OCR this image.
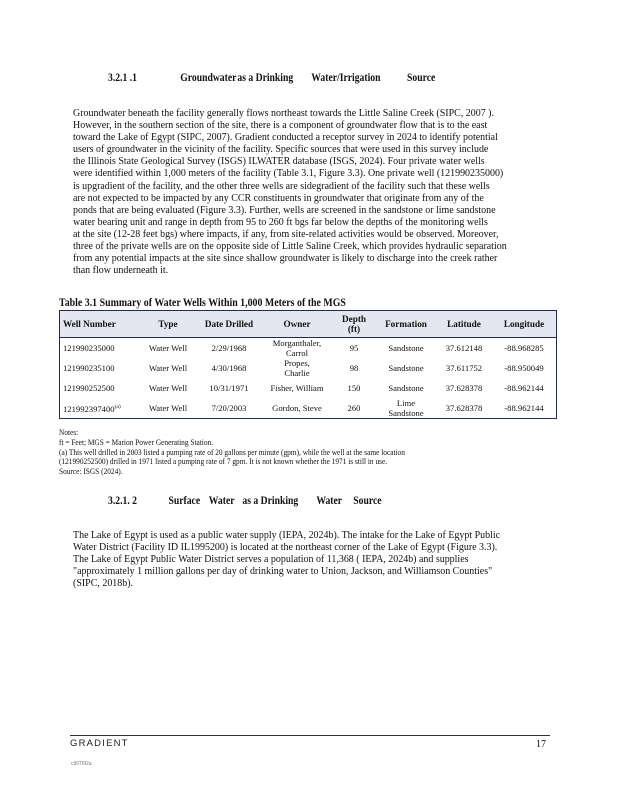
3.2.1 .1	Groundwateras a Drinking Water/Irrigation Source
Groundwater beneath the facility generally flows northeast towards the Little Saline Creek (SIPC, 2007 ).
However, in the southern section of the site, there is a component of groundwater flow that is to the east
toward the Lake of Egypt (SIPC, 2007). Gradient conducted a receptor survey in 2024 to identify potential
users of groundwater in the vicinity of the facility. Specific sources that were used in this survey include
the Illinois State Geological Survey (ISGS) ILWATER database (ISGS, 2024). Four private water wells
were identified within 1,000 meters of the facility (Table 3.1, Figure 3.3). One private well (121990235000)
is upgradient of the facility, and the other three wells are sidegradient of the facility such that these wells
are not expected to be impacted by any CCR constituents in groundwater that originate from any of the
ponds that are being evaluated (Figure 3.3). Further, wells are screened in the sandstone or lime sandstone
water bearing unit and range in depth from 95 to 260 ft bgs far below the depths of the monitoring wells
at the site (12-28 feet bgs) where impacts, if any, from site-related activities would be observed. Moreover,
three of the private wells are on the opposite side of Little Saline Creek, which provides hydraulic separation
from any potential impacts at the site since shallow groundwater is likely to discharge into the creek rather
than flow underneath it.
Table 3.1 Summary of Water Wells Within 1,000 Meters of the MGS
Well Number	Type	Date Drilled	Owner	Depth (ft)	Formation	Latitude	Longitude
121990235000	Water Well	2/29/1968	Morganthaler, Carrol	95	Sandstone	37.612148	-88.968285
121990235100	Water Well	4/30/1968	Propes, Charlie	98	Sandstone	37.611752	-88.950049
121990252500	Water Well	10/31/1971	Fisher, William	150	Sandstone	37.628378	-88.962144
121992397400$^{(a)}$	Water Well	7/20/2003	Gordon, Steve	260	Lime Sandstone	37.628378	-88.962144
Notes:
ft = Feet; MGS = Marion Power Generating Station.
(a) This well drilled in 2003 listed a pumping rate of 20 gallons per minute (gpm), while the well at the same location
(121990252500) drilled in 1971 listed a pumping rate of 7 gpm. It is not known whether the 1971 is still in use.
Source: ISGS (2024).
3.2.1. 2	Surface Water as a Drinking Water Source
The Lake of Egypt is used as a public water supply (IEPA, 2024b). The intake for the Lake of Egypt Public
Water District (Facility ID IL1995200) is located at the northeast corner of the Lake of Egypt (Figure 3.3).
The Lake of Egypt Public Water District serves a population of 11,368 ( IEPA, 2024b) and supplies
"approximately 1 million gallons per day of drinking water to Union, Jackson, and Williamson Counties"
(SIPC, 2018b).
GRADIENT	17
c9076f2a
